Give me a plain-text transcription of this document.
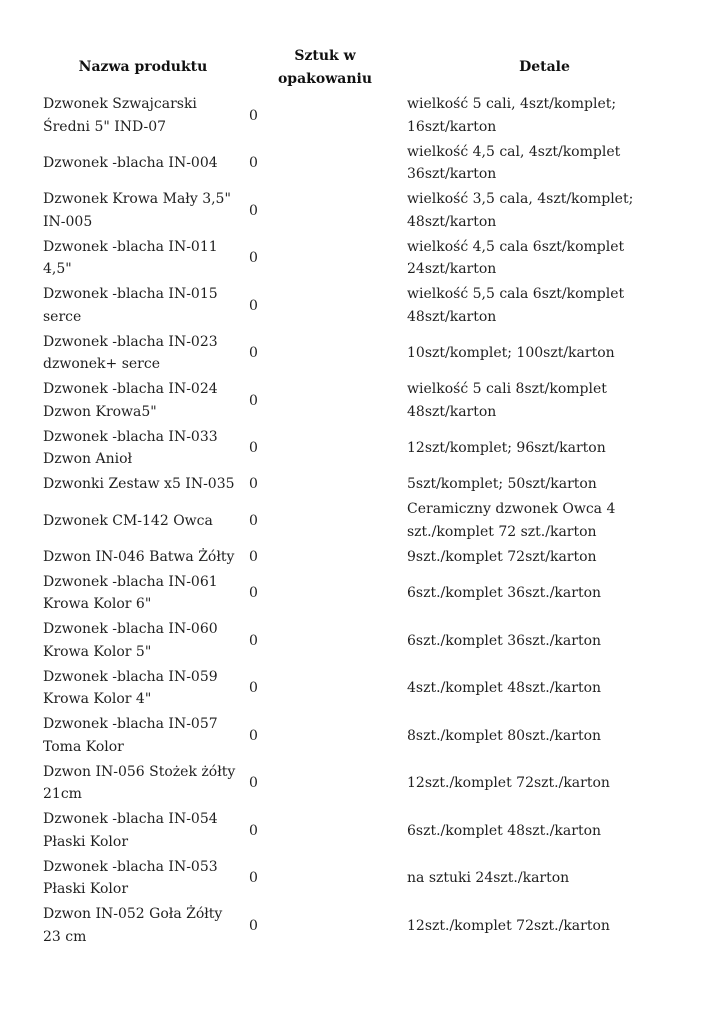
Nazwa produktu	Sztuk w opakowaniu	Detale
Dzwonek Szwajcarski Średni 5" IND-07	0	wielkość 5 cali, 4szt/komplet; 16szt/karton
Dzwonek -blacha IN-004	0	wielkość 4,5 cal, 4szt/komplet 36szt/karton
Dzwonek Krowa Mały 3,5" IN-005	0	wielkość 3,5 cala, 4szt/komplet; 48szt/karton
Dzwonek -blacha IN-011 4,5"	0	wielkość 4,5 cala 6szt/komplet 24szt/karton
Dzwonek -blacha IN-015 serce	0	wielkość 5,5 cala 6szt/komplet 48szt/karton
Dzwonek -blacha IN-023 dzwonek+ serce	0	10szt/komplet; 100szt/karton
Dzwonek -blacha IN-024 Dzwon Krowa5"	0	wielkość 5 cali 8szt/komplet 48szt/karton
Dzwonek -blacha IN-033 Dzwon Anioł	0	12szt/komplet; 96szt/karton
Dzwonki Zestaw x5 IN-035	0	5szt/komplet; 50szt/karton
Dzwonek CM-142 Owca	0	Ceramiczny dzwonek Owca 4 szt./komplet 72 szt./karton
Dzwon IN-046 Batwa Żółty	0	9szt./komplet 72szt/karton
Dzwonek -blacha IN-061 Krowa Kolor 6"	0	6szt./komplet 36szt./karton
Dzwonek -blacha IN-060 Krowa Kolor 5"	0	6szt./komplet 36szt./karton
Dzwonek -blacha IN-059 Krowa Kolor 4"	0	4szt./komplet 48szt./karton
Dzwonek -blacha IN-057 Toma Kolor	0	8szt./komplet 80szt./karton
Dzwon IN-056 Stożek żółty 21cm	0	12szt./komplet 72szt./karton
Dzwonek -blacha IN-054 Płaski Kolor	0	6szt./komplet 48szt./karton
Dzwonek -blacha IN-053 Płaski Kolor	0	na sztuki 24szt./karton
Dzwon IN-052 Goła Żółty 23 cm	0	12szt./komplet 72szt./karton
